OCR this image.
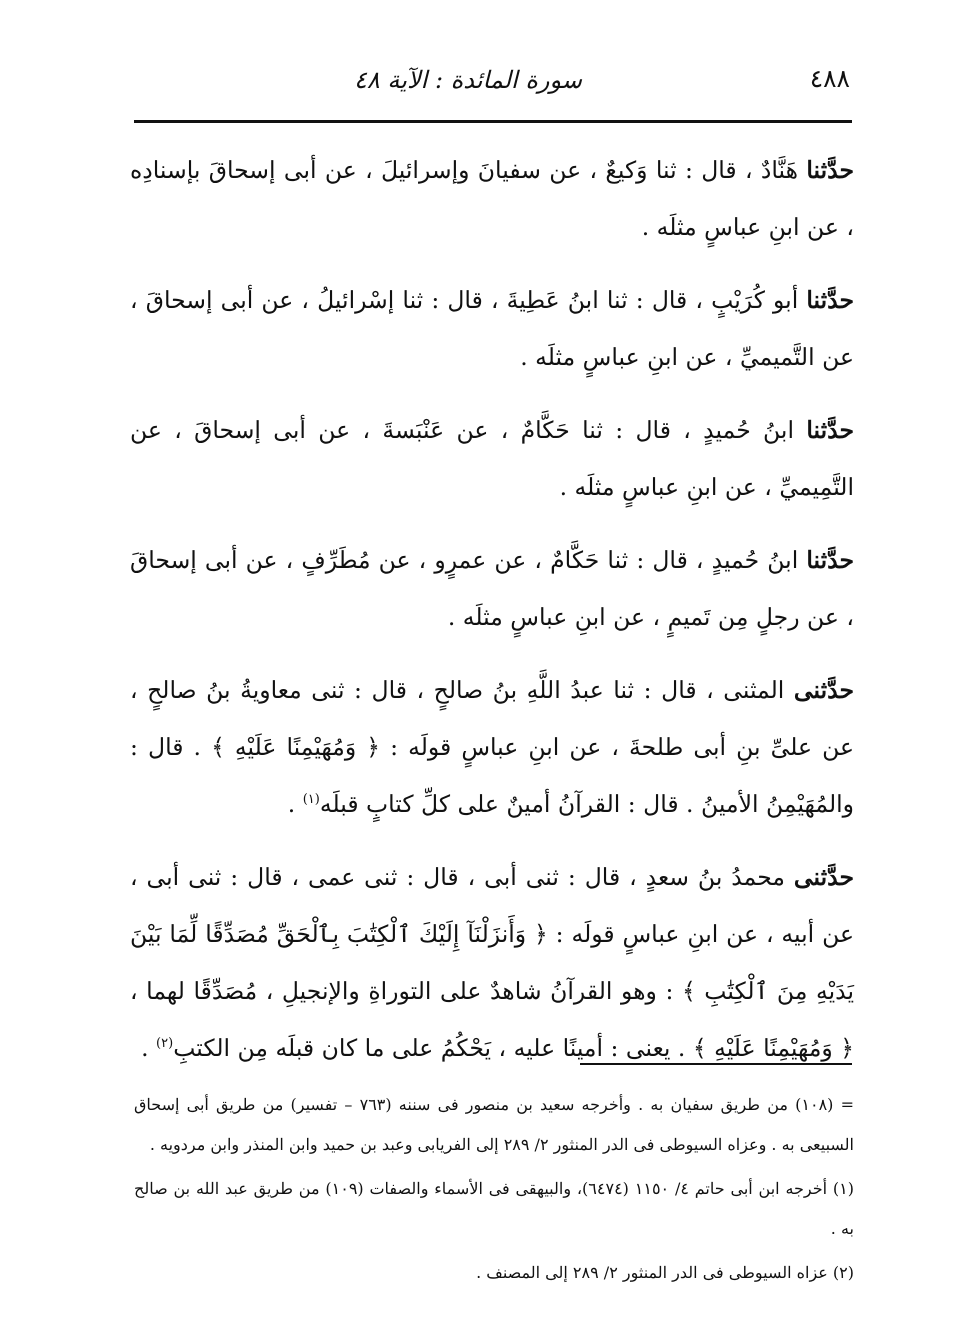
٤٨٨
سورة المائدة : الآية ٤٨

حدَّثنا هَنَّادٌ ، قال : ثنا وَكيعٌ ، عن سفيانَ وإسرائيلَ ، عن أبى إسحاقَ بإسنادِه ، عن ابنِ عباسٍ مثلَه .

حدَّثنا أبو كُرَيْبٍ ، قال : ثنا ابنُ عَطِيةَ ، قال : ثنا إسْرائيلُ ، عن أبى إسحاقَ ، عن التَّميميِّ ، عن ابنِ عباسٍ مثلَه .

حدَّثنا ابنُ حُميدٍ ، قال : ثنا حَكَّامٌ ، عن عَنْبَسةَ ، عن أبى إسحاقَ ، عن التَّمِيميِّ ، عن ابنِ عباسٍ مثلَه .

حدَّثنا ابنُ حُميدٍ ، قال : ثنا حَكَّامٌ ، عن عمرٍو ، عن مُطَرِّفٍ ، عن أبى إسحاقَ ، عن رجلٍ مِن تَميمٍ ، عن ابنِ عباسٍ مثلَه .

حدَّثنى المثنى ، قال : ثنا عبدُ اللَّهِ بنُ صالحٍ ، قال : ثنى معاويةُ بنُ صالحٍ ، عن علىِّ بنِ أبى طلحةَ ، عن ابنِ عباسٍ قولَه : ﴿ وَمُهَيْمِنًا عَلَيْهِ ﴾ . قال : والمُهَيْمِنُ الأمينُ . قال : القرآنُ أمينٌ على كلِّ كتابٍ قبلَه$^{(١)}$ .

حدَّثنى محمدُ بنُ سعدٍ ، قال : ثنى أبى ، قال : ثنى عمى ، قال : ثنى أبى ، عن أبيه ، عن ابنِ عباسٍ قولَه : ﴿ وَأَنزَلْنَآ إِلَيْكَ ٱلْكِتَٰبَ بِٱلْحَقِّ مُصَدِّقًا لِّمَا بَيْنَ يَدَيْهِ مِنَ ٱلْكِتَٰبِ ﴾ : وهو القرآنُ شاهدٌ على التوراةِ والإنجيلِ ، مُصَدِّقًا لهما ، ﴿ وَمُهَيْمِنًا عَلَيْهِ ﴾ . يعنى : أمينًا عليه ، يَحْكُمُ على ما كان قبلَه مِن الكتبِ$^{(٢)}$ .

= (١٠٨) من طريق سفيان به . وأخرجه سعيد بن منصور فى سننه (٧٦٣ – تفسير) من طريق أبى إسحاق السبيعى به . وعزاه السيوطى فى الدر المنثور ٢/ ٢٨٩ إلى الفريابى وعبد بن حميد وابن المنذر وابن مردويه .

(١) أخرجه ابن أبى حاتم ٤/ ١١٥٠ (٦٤٧٤)، والبيهقى فى الأسماء والصفات (١٠٩) من طريق عبد الله بن صالح به .

(٢) عزاه السيوطى فى الدر المنثور ٢/ ٢٨٩ إلى المصنف .
